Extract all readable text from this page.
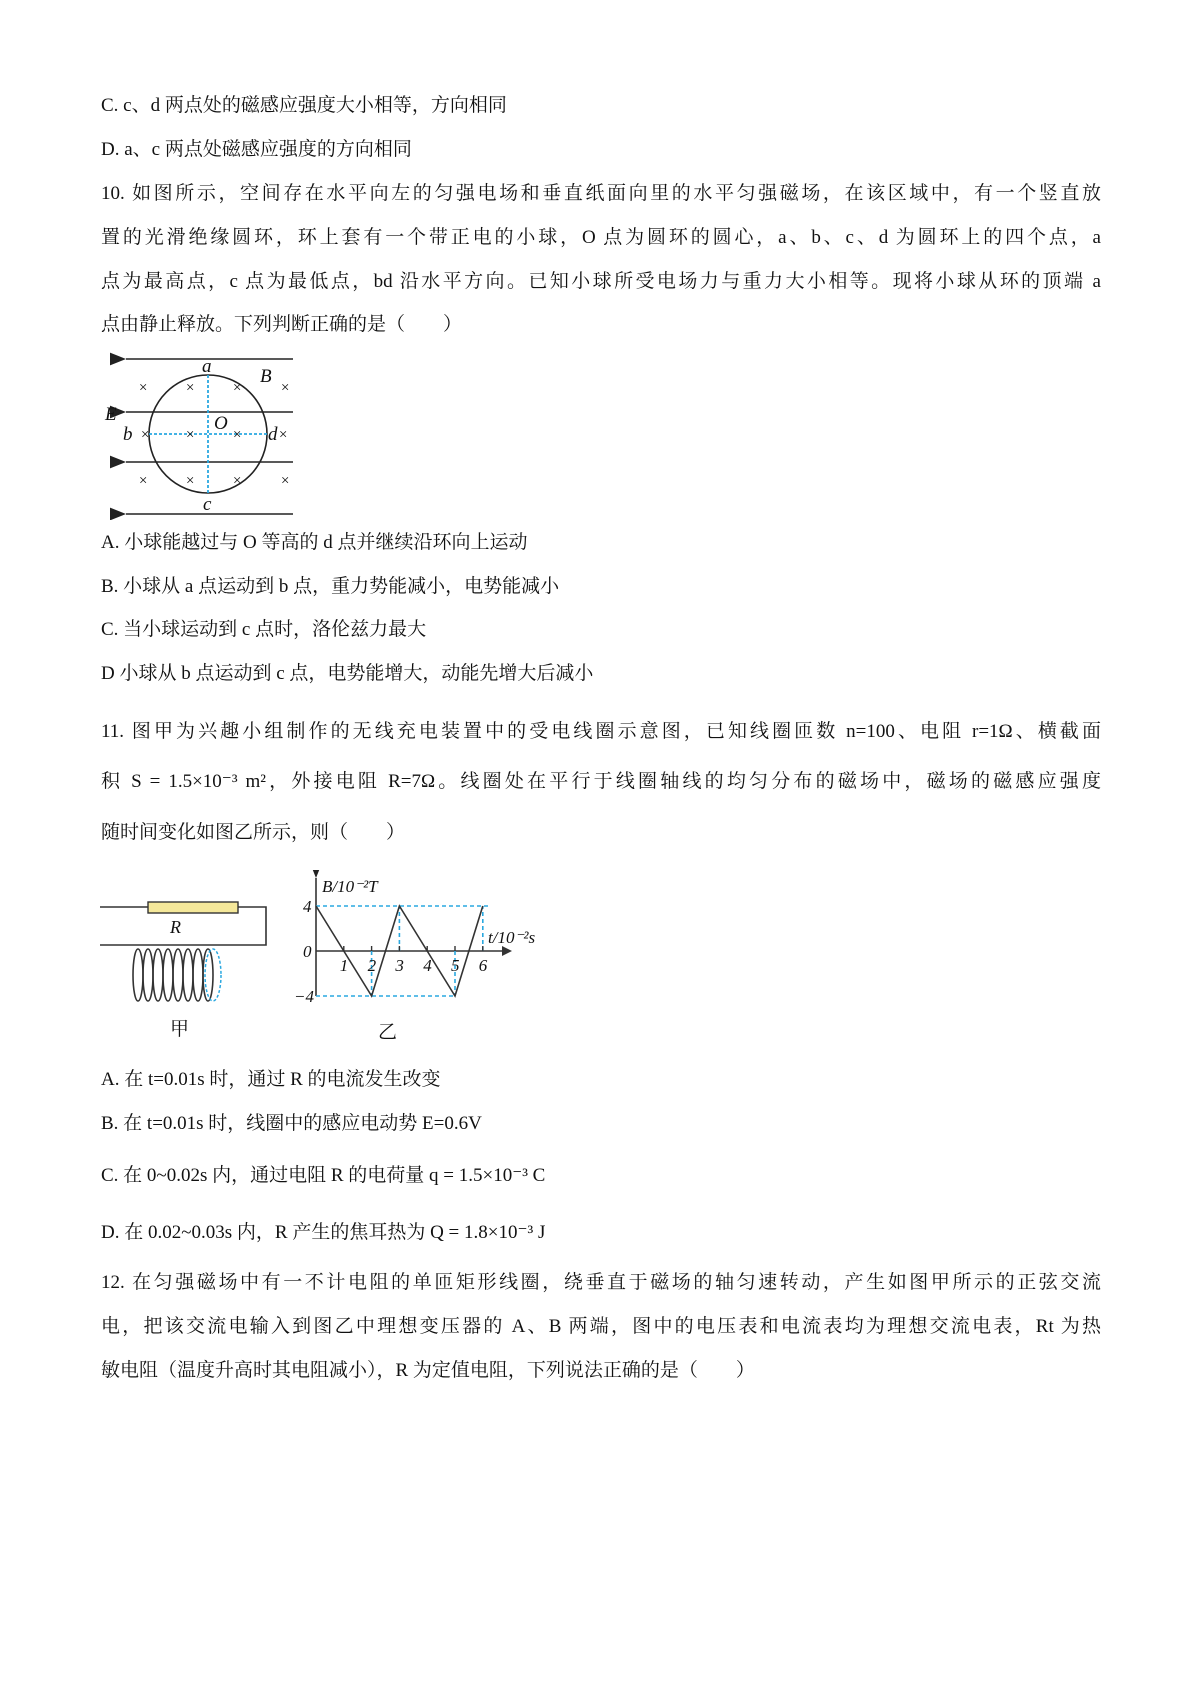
C. c、d 两点处的磁感应强度大小相等，方向相同
D. a、c 两点处磁感应强度的方向相同
10. 如图所示，空间存在水平向左的匀强电场和垂直纸面向里的水平匀强磁场，在该区域中，有一个竖直放
置的光滑绝缘圆环，环上套有一个带正电的小球，O 点为圆环的圆心，a、b、c、d 为圆环上的四个点，a
点为最高点，c 点为最低点，bd 沿水平方向。已知小球所受电场力与重力大小相等。现将小球从环的顶端 a
点由静止释放。下列判断正确的是（　　）
× × ×	×
× × × ×
× × ×	×
a	B
E	O
b	d
c
A. 小球能越过与 O 等高的 d 点并继续沿环向上运动
B. 小球从 a 点运动到 b 点，重力势能减小，电势能减小
C. 当小球运动到 c 点时，洛伦兹力最大
D 小球从 b 点运动到 c 点，电势能增大，动能先增大后减小
11. 图甲为兴趣小组制作的无线充电装置中的受电线圈示意图，已知线圈匝数 n=100、电阻 r=1Ω、横截面
积 S = 1.5×10⁻³ m²，外接电阻 R=7Ω。线圈处在平行于线圈轴线的均匀分布的磁场中，磁场的磁感应强度
随时间变化如图乙所示，则（　　）
R
甲
B/10⁻²T
t/10⁻²s
乙
4
0
−4
1 2 3 4 5 6
A. 在 t=0.01s 时，通过 R 的电流发生改变
B. 在 t=0.01s 时，线圈中的感应电动势 E=0.6V
C. 在 0~0.02s 内，通过电阻 R 的电荷量 q = 1.5×10⁻³ C
D. 在 0.02~0.03s 内，R 产生的焦耳热为 Q = 1.8×10⁻³ J
12. 在匀强磁场中有一不计电阻的单匝矩形线圈，绕垂直于磁场的轴匀速转动，产生如图甲所示的正弦交流
电，把该交流电输入到图乙中理想变压器的 A、B 两端，图中的电压表和电流表均为理想交流电表，Rt 为热
敏电阻（温度升高时其电阻减小），R 为定值电阻，下列说法正确的是（　　）
